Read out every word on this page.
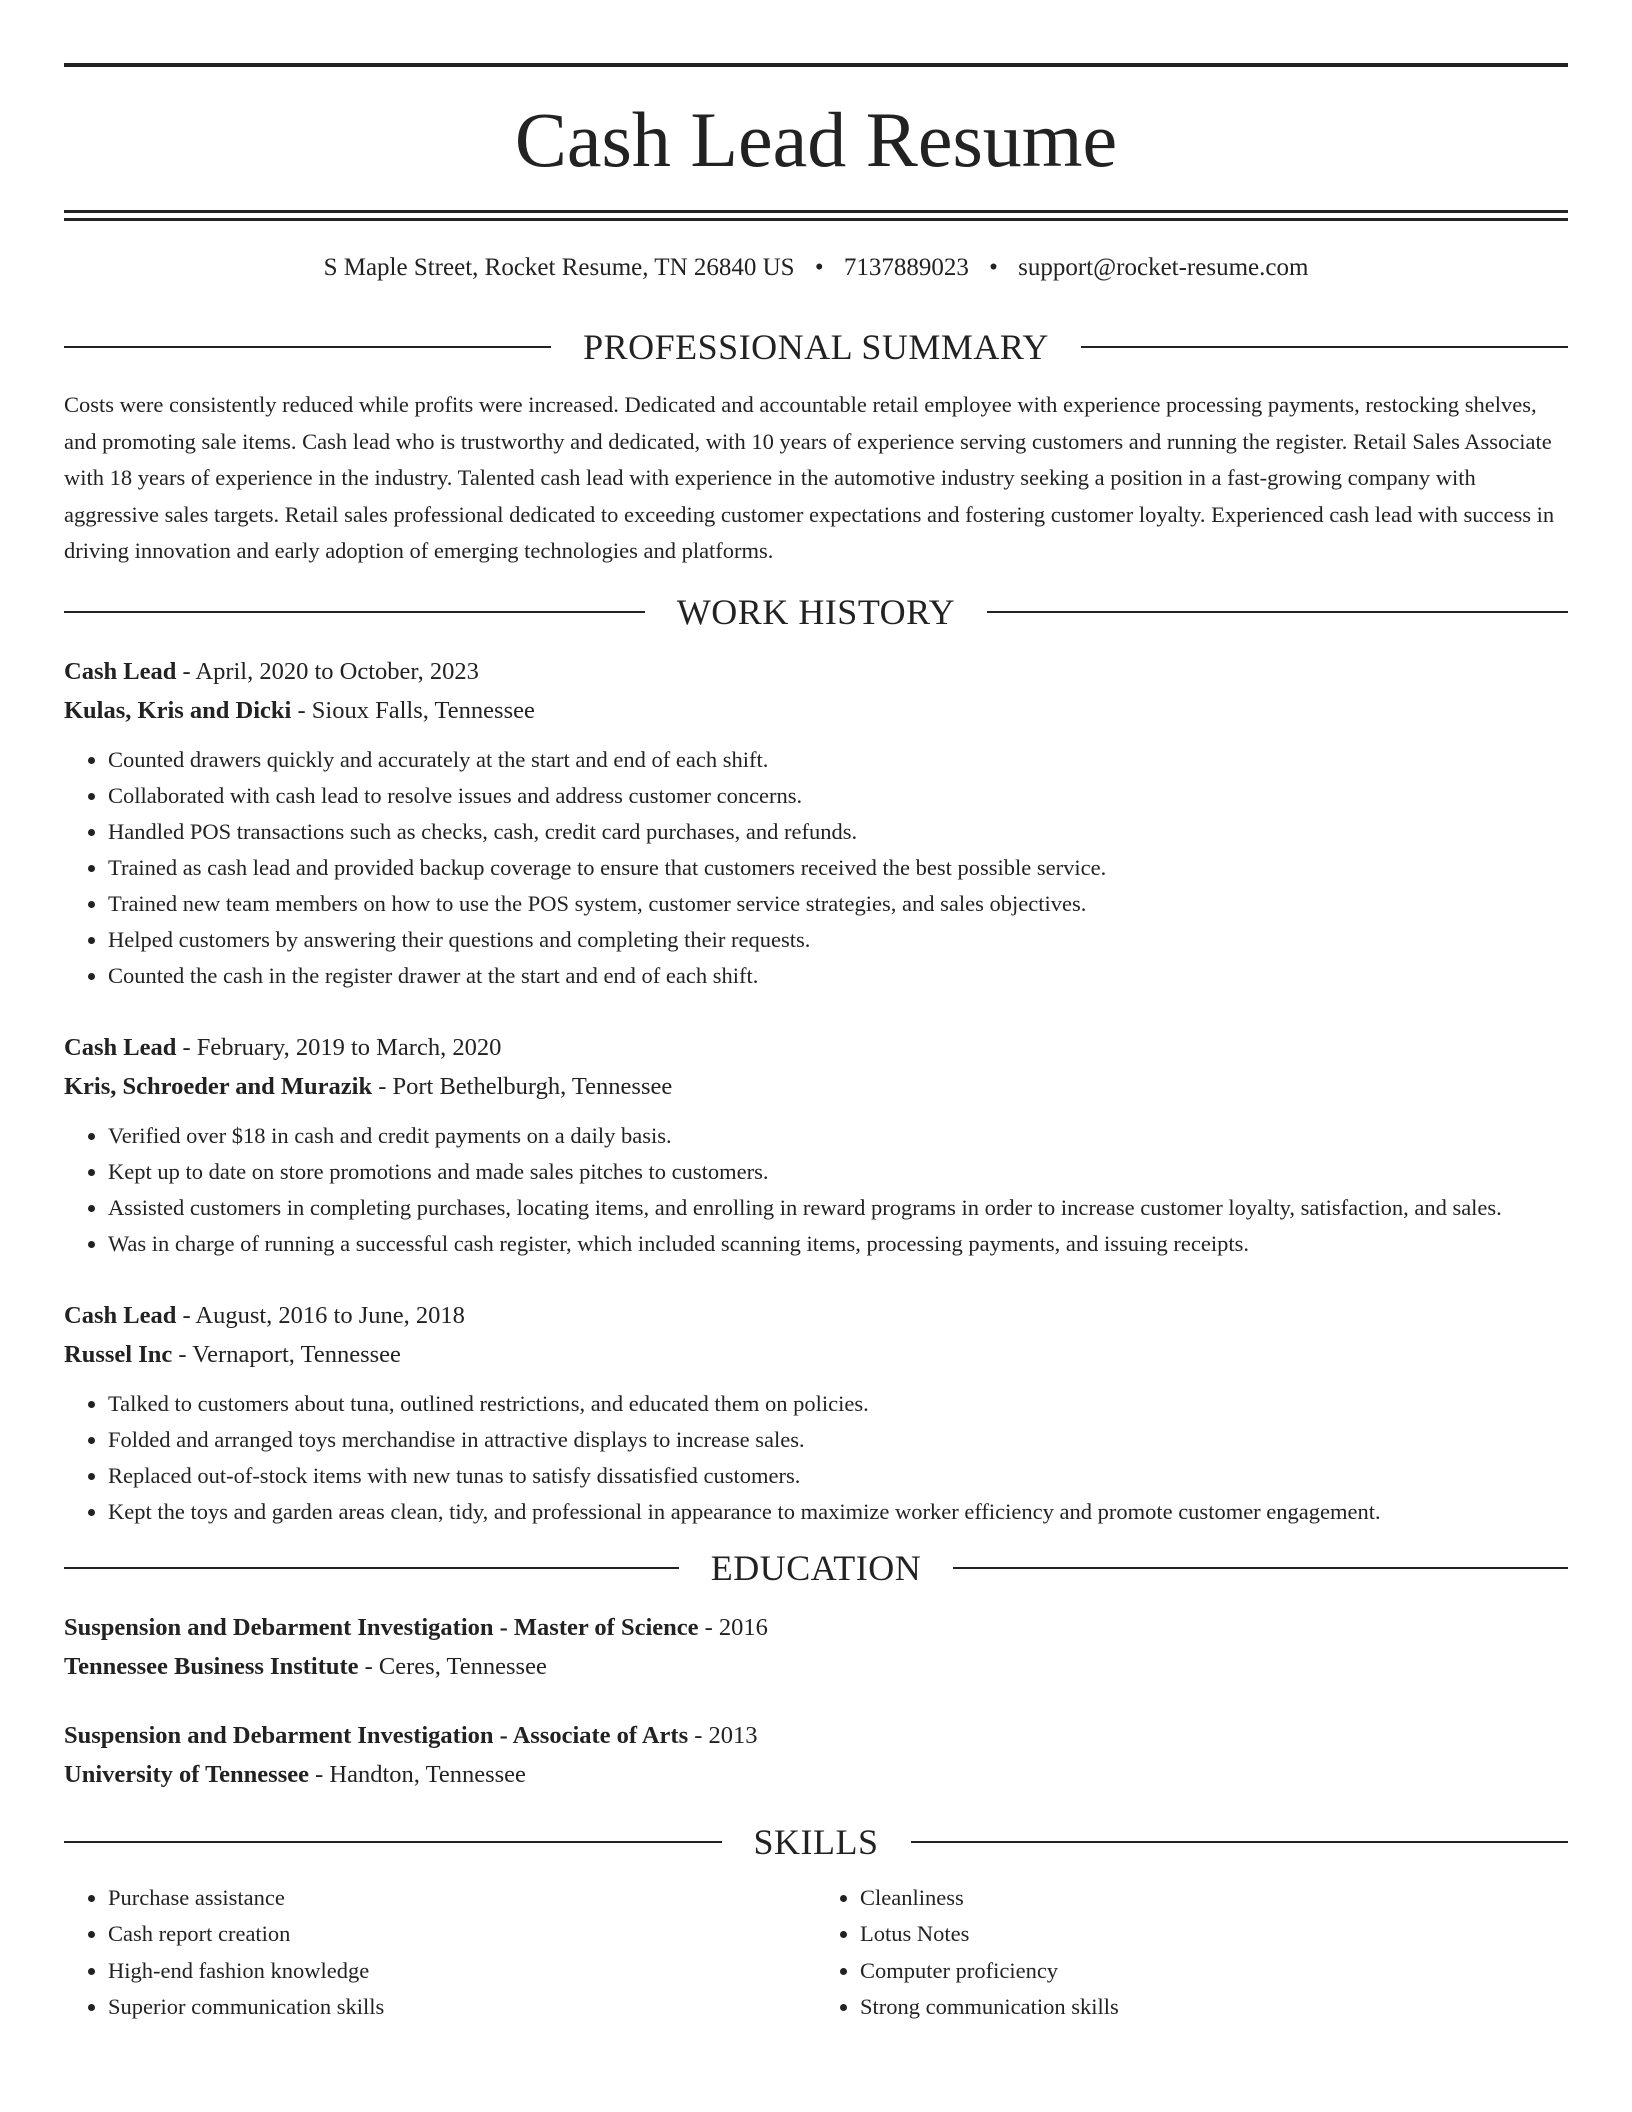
Cash Lead Resume
S Maple Street, Rocket Resume, TN 26840 US • 7137889023 • support@rocket-resume.com
PROFESSIONAL SUMMARY

Costs were consistently reduced while profits were increased. Dedicated and accountable retail employee with experience processing payments, restocking shelves, and promoting sale items. Cash lead who is trustworthy and dedicated, with 10 years of experience serving customers and running the register. Retail Sales Associate with 18 years of experience in the industry. Talented cash lead with experience in the automotive industry seeking a position in a fast-growing company with aggressive sales targets. Retail sales professional dedicated to exceeding customer expectations and fostering customer loyalty. Experienced cash lead with success in driving innovation and early adoption of emerging technologies and platforms.

WORK HISTORY
Cash Lead - April, 2020 to October, 2023
Kulas, Kris and Dicki - Sioux Falls, Tennessee
• Counted drawers quickly and accurately at the start and end of each shift.
• Collaborated with cash lead to resolve issues and address customer concerns.
• Handled POS transactions such as checks, cash, credit card purchases, and refunds.
• Trained as cash lead and provided backup coverage to ensure that customers received the best possible service.
• Trained new team members on how to use the POS system, customer service strategies, and sales objectives.
• Helped customers by answering their questions and completing their requests.
• Counted the cash in the register drawer at the start and end of each shift.
Cash Lead - February, 2019 to March, 2020
Kris, Schroeder and Murazik - Port Bethelburgh, Tennessee
• Verified over $18 in cash and credit payments on a daily basis.
• Kept up to date on store promotions and made sales pitches to customers.
• Assisted customers in completing purchases, locating items, and enrolling in reward programs in order to increase customer loyalty, satisfaction, and sales.
• Was in charge of running a successful cash register, which included scanning items, processing payments, and issuing receipts.
Cash Lead - August, 2016 to June, 2018
Russel Inc - Vernaport, Tennessee
• Talked to customers about tuna, outlined restrictions, and educated them on policies.
• Folded and arranged toys merchandise in attractive displays to increase sales.
• Replaced out-of-stock items with new tunas to satisfy dissatisfied customers.
• Kept the toys and garden areas clean, tidy, and professional in appearance to maximize worker efficiency and promote customer engagement.
EDUCATION
Suspension and Debarment Investigation - Master of Science - 2016
Tennessee Business Institute - Ceres, Tennessee
Suspension and Debarment Investigation - Associate of Arts - 2013
University of Tennessee - Handton, Tennessee
SKILLS
• Purchase assistance
• Cash report creation
• High-end fashion knowledge
• Superior communication skills
• Cleanliness
• Lotus Notes
• Computer proficiency
• Strong communication skills
